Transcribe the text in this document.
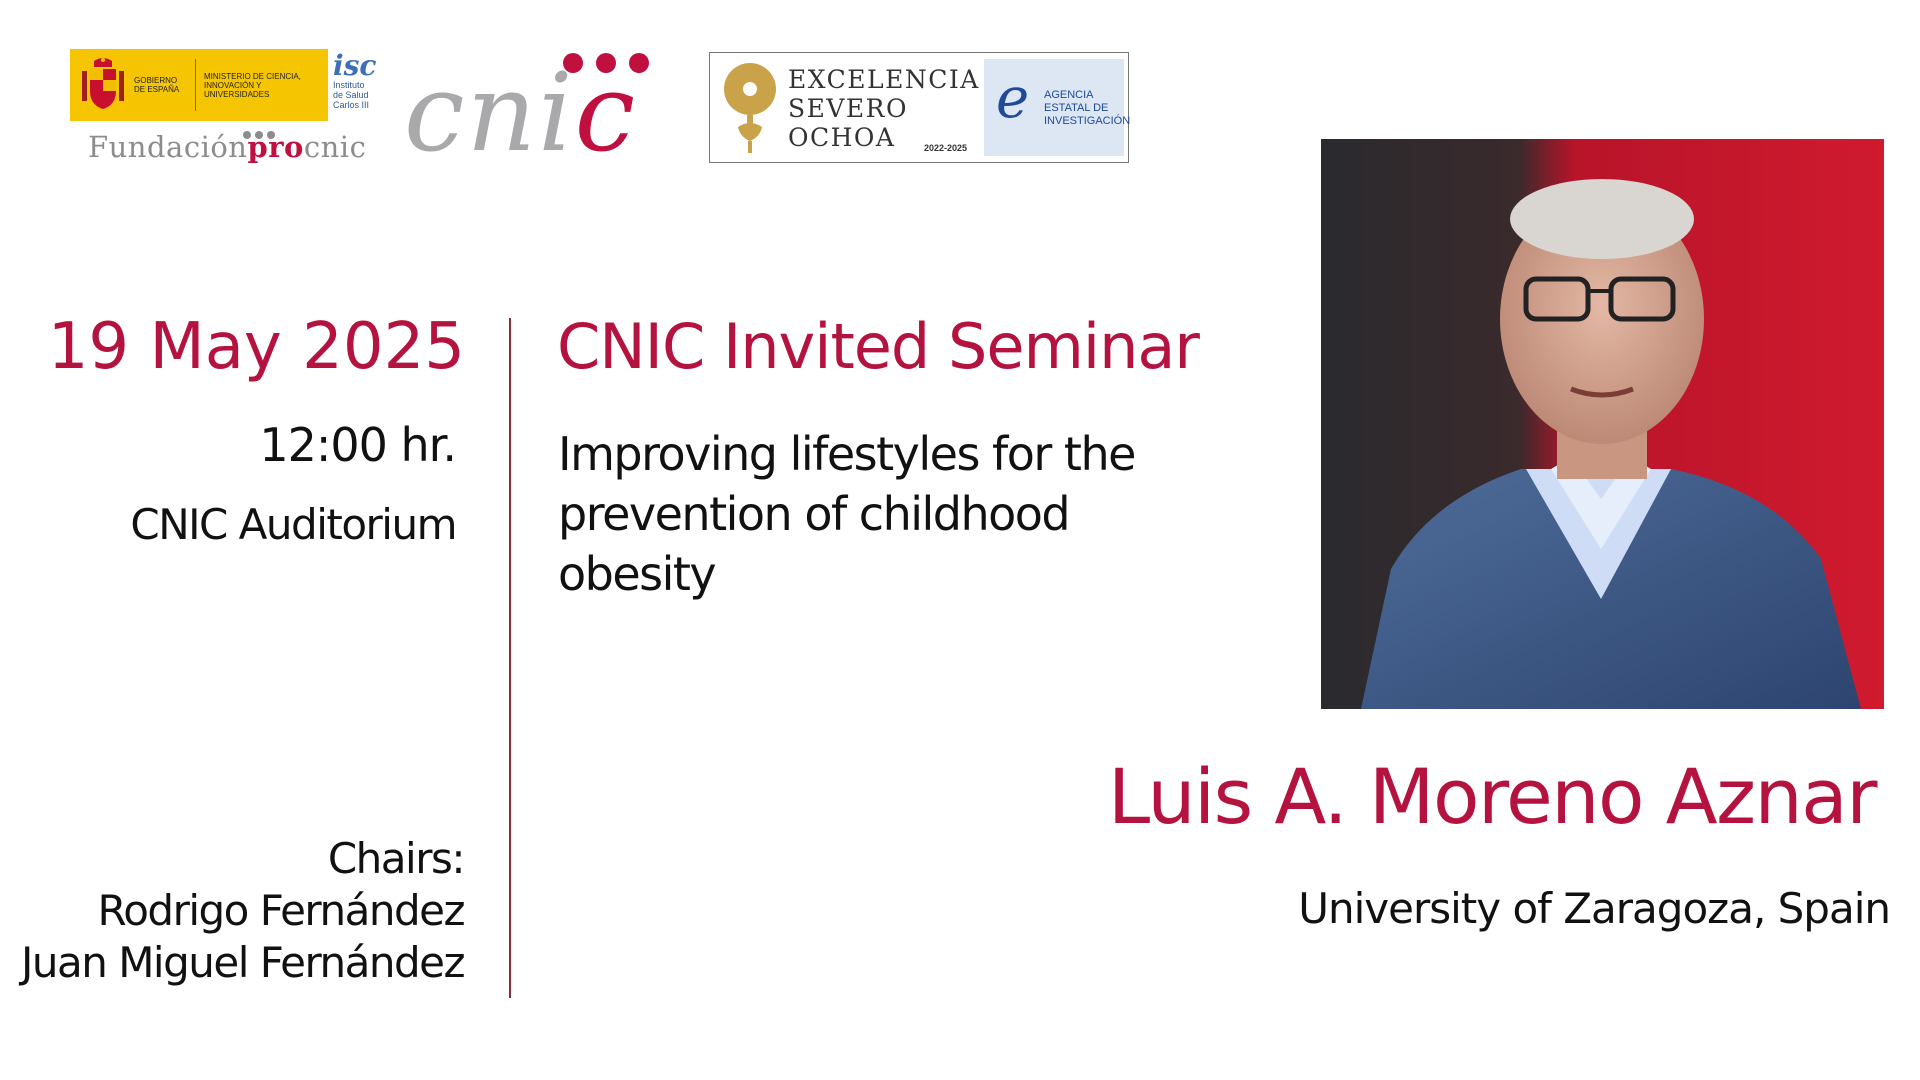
GOBIERNO DE ESPAÑA
MINISTERIO DE CIENCIA, INNOVACIÓN Y UNIVERSIDADES
isc
Instituto
de Salud
Carlos III
Fundaciónprocnic cnic	EXCELENCIA
SEVERO
OCHOA	2022-2025
e AGENCIA
ESTATAL DE
INVESTIGACIÓN
19 May 2025
12:00 hr.
CNIC Auditorium
Chairs:
Rodrigo Fernández
Juan Miguel Fernández
CNIC Invited Seminar
Improving lifestyles for the prevention of childhood obesity
Luis A. Moreno Aznar
University of Zaragoza, Spain
